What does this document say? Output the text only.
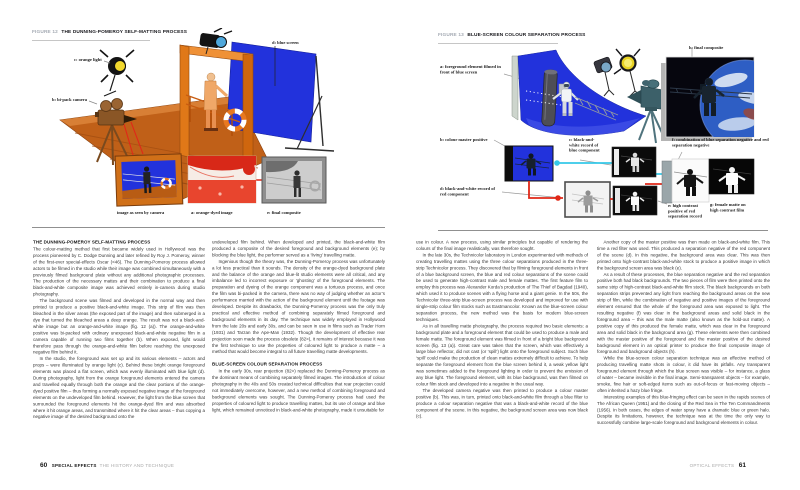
FIGURE 12 THE DUNNING-POMEROY SELF-MATTING PROCESS
c: orange light
b: bi-pack camera
d: blue screen
image as seen by camera	a: orange-dyed image	e: final composite
THE DUNNING-POMEROY SELF-MATTING PROCESS

The colour-matting method that first became widely used in Hollywood was the process pioneered by C. Dodge Dunning and later refined by Roy J. Pomeroy, winner of the first-ever special-effects Oscar (<46). The Dunning-Pomeroy process allowed actors to be filmed in the studio while their image was combined simultaneously with a previously filmed background plate without any additional photographic processes. The production of the necessary mattes and their combination to produce a final black-and-white composite image was achieved entirely in-camera during studio photography.

The background scene was filmed and developed in the normal way and then printed to produce a positive black-and-white image. This strip of film was then bleached in the silver areas (the exposed part of the image) and then submerged in a dye that turned the bleached areas a deep orange. The result was not a black-and-white image but an orange-and-white image (fig. 12 (a)). The orange-and-white positive was bi-packed with ordinary unexposed black-and-white negative film in a camera capable of running two films together (b). When exposed, light would therefore pass through the orange-and-white film before reaching the unexposed negative film behind it.

In the studio, the foreground was set up and its various elements – actors and props – were illuminated by orange light (c). Behind these bright orange foreground elements was placed a flat screen, which was evenly illuminated with blue light (d). During photography, light from the orange foreground elements entered the camera and travelled equally through both the orange and the clear portions of the orange-dyed positive film – thus forming a normally exposed negative image of the foreground elements on the undeveloped film behind. However, the light from the blue screen that surrounded the foreground elements hit the orange-dyed film and was absorbed where it hit orange areas, and transmitted where it hit the clear areas – thus copying a negative image of the desired background onto the

undeveloped film behind. When developed and printed, the black-and-white film produced a composite of the desired foreground and background elements (e); by blocking the blue light, the performer served as a ‘living’ travelling matte.

Ingenious though the theory was, the Dunning-Pomeroy process was unfortunately a lot less practical than it sounds. The density of the orange-dyed background plate and the balance of the orange and blue-lit studio elements were all critical, and any imbalance led to incorrect exposure or ‘ghosting’ of the foreground elements. The preparation and dyeing of the orange component was a tortuous process, and once the film was bi-packed in the camera, there was no way of judging whether an actor’s performance married with the action of the background element until the footage was developed. Despite its drawbacks, the Dunning-Pomeroy process was the only truly practical and effective method of combining separately filmed foreground and background elements in its day. The technique was widely employed in Hollywood from the late 20s and early 30s, and can be seen in use in films such as Trader Horn (1931) and Tarzan the Ape-Man (1932). Though the development of effective rear projection soon made the process obsolete (82>), it remains of interest because it was the first technique to use the properties of coloured light to produce a matte – a method that would become integral to all future travelling matte developments.

BLUE-SCREEN COLOUR SEPARATION PROCESS

In the early 30s, rear projection (82>) replaced the Dunning-Pomeroy process as the dominant means of combining separately filmed images. The introduction of colour photography in the 40s and 50s created technical difficulties that rear projection could not immediately overcome, however, and a new method of combining foreground and background elements was sought. The Dunning-Pomeroy process had used the properties of coloured light to produce travelling mattes, but its use of orange and blue light, which remained unnoticed in black-and-white photography, made it unsuitable for

60 SPECIAL EFFECTS THE HISTORY AND TECHNIQUE
FIGURE 13 BLUE-SCREEN COLOUR SEPARATION PROCESS
a: foreground element filmed in front of blue screen
h: final composite
b: colour master positive	c: black-and-white record of blue component
d: black-and-white record of red component
f: combination of blue separation negative and red separation negative
e: high contrast positive of red separation record
g: female matte on high contrast film

use in colour. A new process, using similar principles but capable of rendering the colours of the final image realistically, was therefore sought.

In the late 30s, the Technicolor laboratory in London experimented with methods of creating travelling mattes using the three colour separations produced in the three-strip Technicolor process. They discovered that by filming foreground elements in front of a blue background screen, the blue and red colour separations of the scene could be used to generate high-contrast male and female mattes. The first feature film to employ this process was Alexander Korda’s production of The Thief of Bagdad (1940), which used it to produce scenes with a flying horse and a giant genie. In the 50s, the Technicolor three-strip blue-screen process was developed and improved for use with single-strip colour film stocks such as Eastmancolor. Known as the blue-screen colour separation process, the new method was the basis for modern blue-screen techniques.

As in all travelling matte photography, the process required two basic elements: a background plate and a foreground element that could be used to produce a male and female matte. The foreground element was filmed in front of a bright blue background screen (fig. 13 (a)). Great care was taken that the screen, which was effectively a large blue reflector, did not cast (or ‘spill’) light onto the foreground subject. Such blue ‘spill’ could make the production of clean mattes extremely difficult to achieve. To help separate the foreground element from the blue screen behind it, a weak yellow light was sometimes added to the foreground lighting in order to prevent the emission of any blue light. The foreground element, with its blue background, was then filmed on colour film stock and developed into a negative in the usual way.

The developed camera negative was then printed to produce a colour master positive (b). This was, in turn, printed onto black-and-white film through a blue filter to produce a colour separation negative that was a black-and-white record of the blue component of the scene. In this negative, the background screen area was now black (c).

Another copy of the master positive was then made on black-and-white film. This time a red filter was used. This produced a separation negative of the red component of the scene (d). In this negative, the background area was clear. This was then printed onto high-contrast black-and-white stock to produce a positive image in which the background screen area was black (e).

As a result of these processes, the blue separation negative and the red separation positive both had black backgrounds. The two pieces of film were then printed onto the same strip of high-contrast black-and-white film stock. The black backgrounds on both separation strips prevented any light from reaching the background areas on the new strip of film, while the combination of negative and positive images of the foreground element ensured that the whole of the foreground area was exposed to light. The resulting negative (f) was clear in the background areas and solid black in the foreground area – this was the male matte (also known as the hold-out matte). A positive copy of this produced the female matte, which was clear in the foreground area and solid black in the background area (g). These elements were then combined with the master positive of the foreground and the master positive of the desired background element in an optical printer to produce the final composite image of foreground and background objects (h).

While the blue-screen colour separation technique was an effective method of producing travelling matte shots in colour, it did have its pitfalls. Any transparent foreground element through which the blue screen was visible – for instance, a glass of water – became invisible in the final image. Semi-transparent objects – for example, smoke, fine hair or soft-edged items such as out-of-focus or fast-moving objects – often inherited a hazy blue fringe.

Interesting examples of this blue-fringing effect can be seen in the rapids scenes of The African Queen (1951) and the closing of the Red Sea in The Ten Commandments (1956). In both cases, the edges of water spray have a dramatic blue or green halo. Despite its limitations, however, the technique was at the time the only way to successfully combine large-scale foreground and background elements in colour.

OPTICAL EFFECTS 61
